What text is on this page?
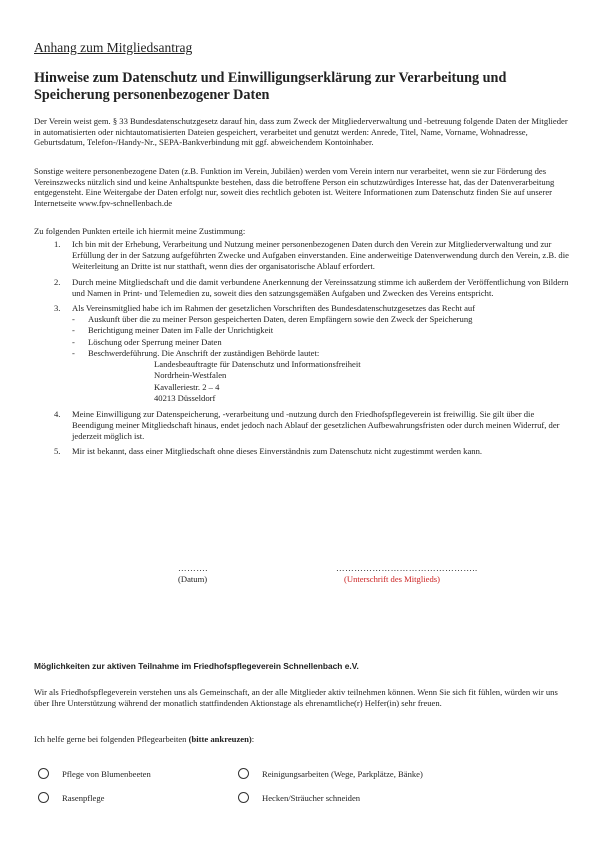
Anhang zum Mitgliedsantrag
Hinweise zum Datenschutz und Einwilligungserklärung zur Verarbeitung und Speicherung personenbezogener Daten

Der Verein weist gem. § 33 Bundesdatenschutzgesetz darauf hin, dass zum Zweck der Mitgliederverwaltung und -betreuung folgende Daten der Mitglieder in automatisierten oder nichtautomatisierten Dateien gespeichert, verarbeitet und genutzt werden: Anrede, Titel, Name, Vorname, Wohnadresse, Geburtsdatum, Telefon-/Handy-Nr., SEPA-Bankverbindung mit ggf. abweichendem Kontoinhaber.

Sonstige weitere personenbezogene Daten (z.B. Funktion im Verein, Jubiläen) werden vom Verein intern nur verarbeitet, wenn sie zur Förderung des Vereinszwecks nützlich sind und keine Anhaltspunkte bestehen, dass die betroffene Person ein schutzwürdiges Interesse hat, das der Datenverarbeitung entgegensteht. Eine Weitergabe der Daten erfolgt nur, soweit dies rechtlich geboten ist. Weitere Informationen zum Datenschutz finden Sie auf unserer Internetseite www.fpv-schnellenbach.de

Zu folgenden Punkten erteile ich hiermit meine Zustimmung:

1. Ich bin mit der Erhebung, Verarbeitung und Nutzung meiner personenbezogenen Daten durch den Verein zur Mitgliederverwaltung und zur Erfüllung der in der Satzung aufgeführten Zwecke und Aufgaben einverstanden. Eine anderweitige Datenverwendung durch den Verein, z.B. die Weiterleitung an Dritte ist nur statthaft, wenn dies der organisatorische Ablauf erfordert.
2. Durch meine Mitgliedschaft und die damit verbundene Anerkennung der Vereinssatzung stimme ich außerdem der Veröffentlichung von Bildern und Namen in Print- und Telemedien zu, soweit dies den satzungsgemäßen Aufgaben und Zwecken des Vereins entspricht.
3. Als Vereinsmitglied habe ich im Rahmen der gesetzlichen Vorschriften des Bundesdatenschutzgesetzes das Recht auf
- Auskunft über die zu meiner Person gespeicherten Daten, deren Empfängern sowie den Zweck der Speicherung
- Berichtigung meiner Daten im Falle der Unrichtigkeit
- Löschung oder Sperrung meiner Daten
- Beschwerdeführung. Die Anschrift der zuständigen Behörde lautet:
Landesbeauftragte für Datenschutz und Informationsfreiheit
Nordrhein-Westfalen
Kavalleriestr. 2 – 4
40213 Düsseldorf
4. Meine Einwilligung zur Datenspeicherung, -verarbeitung und -nutzung durch den Friedhofspflegeverein ist freiwillig. Sie gilt über die Beendigung meiner Mitgliedschaft hinaus, endet jedoch nach Ablauf der gesetzlichen Aufbewahrungsfristen oder durch meinen Widerruf, der jederzeit möglich ist.
5. Mir ist bekannt, dass einer Mitgliedschaft ohne dieses Einverständnis zum Datenschutz nicht zugestimmt werden kann.
……….	………………………………………..
(Datum)	(Unterschrift des Mitglieds)
Möglichkeiten zur aktiven Teilnahme im Friedhofspflegeverein Schnellenbach e.V.

Wir als Friedhofspflegeverein verstehen uns als Gemeinschaft, an der alle Mitglieder aktiv teilnehmen können. Wenn Sie sich fit fühlen, würden wir uns über Ihre Unterstützung während der monatlich stattfindenden Aktionstage als ehrenamtliche(r) Helfer(in) sehr freuen.

Ich helfe gerne bei folgenden Pflegearbeiten (bitte ankreuzen):
Pflege von Blumenbeeten	Reinigungsarbeiten (Wege, Parkplätze, Bänke)
Rasenpflege	Hecken/Sträucher schneiden
